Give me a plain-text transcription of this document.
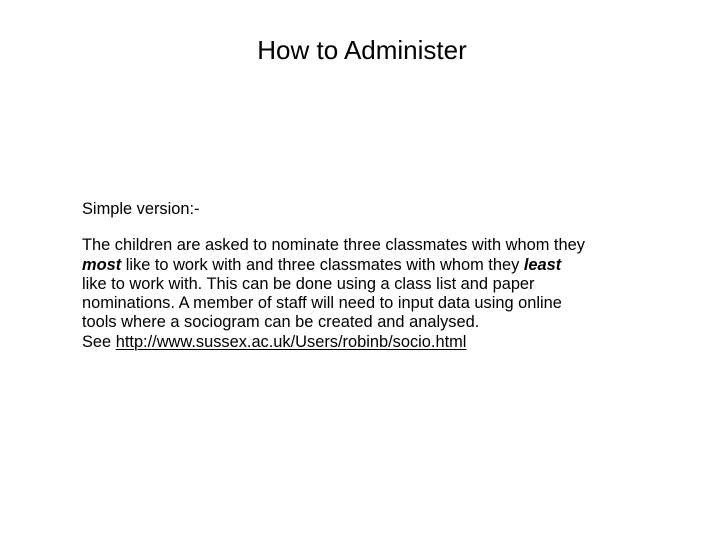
How to Administer

Simple version:-

The children are asked to nominate three classmates with whom they
most like to work with and three classmates with whom they least
like to work with. This can be done using a class list and paper
nominations. A member of staff will need to input data using online
tools where a sociogram can be created and analysed.
See http://www.sussex.ac.uk/Users/robinb/socio.html
